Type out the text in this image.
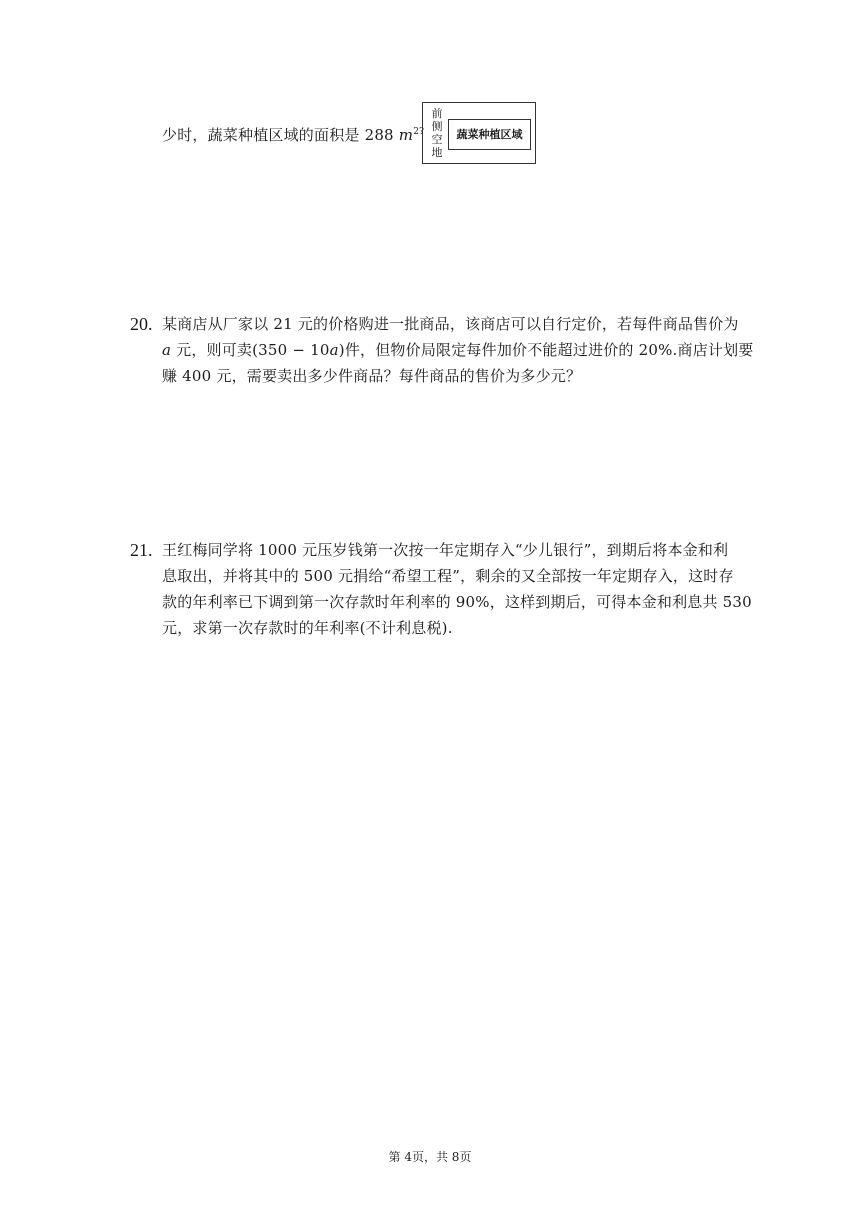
少时，蔬菜种植区域的面积是 288 $m^{2?}$
前侧空地
蔬菜种植区域
20. 某商店从厂家以 21 元的价格购进一批商品，该商店可以自行定价，若每件商品售价为
a 元，则可卖(350 − 10a)件，但物价局限定每件加价不能超过进价的 20%.商店计划要
赚 400 元，需要卖出多少件商品？每件商品的售价为多少元？
21. 王红梅同学将 1000 元压岁钱第一次按一年定期存入“少儿银行”，到期后将本金和利
息取出，并将其中的 500 元捐给“希望工程”，剩余的又全部按一年定期存入，这时存
款的年利率已下调到第一次存款时年利率的 90%，这样到期后，可得本金和利息共 530
元，求第一次存款时的年利率(不计利息税).
第 4页，共 8页
